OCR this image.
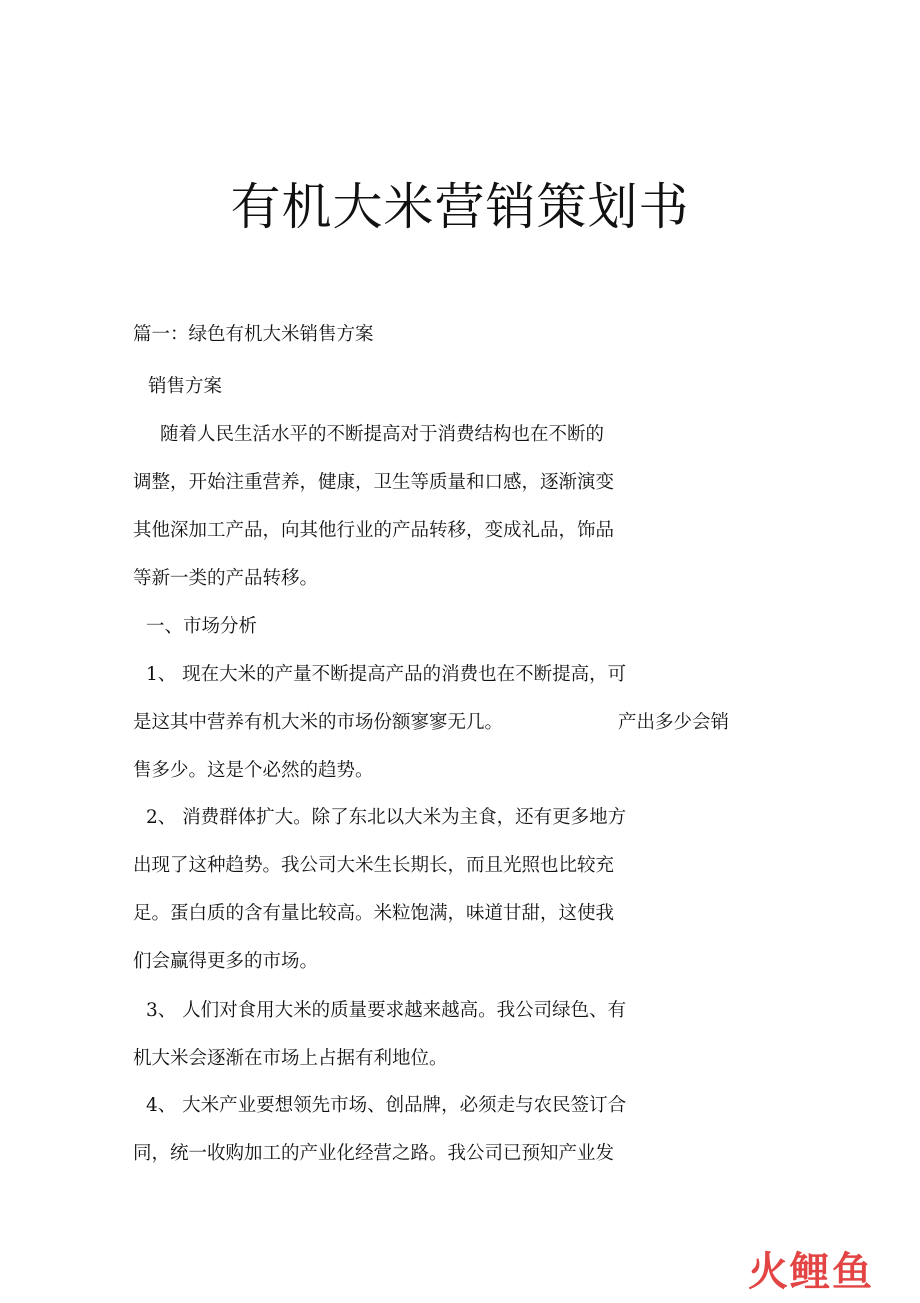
有机大米营销策划书
篇一：绿色有机大米销售方案
销售方案
随着人民生活水平的不断提高对于消费结构也在不断的
调整，开始注重营养，健康，卫生等质量和口感，逐渐演变
其他深加工产品，向其他行业的产品转移，变成礼品，饰品
等新一类的产品转移。
一、市场分析
1、 现在大米的产量不断提高产品的消费也在不断提高，可
是这其中营养有机大米的市场份额寥寥无几。	产出多少会销
售多少。这是个必然的趋势。
2、 消费群体扩大。除了东北以大米为主食，还有更多地方
出现了这种趋势。我公司大米生长期长，而且光照也比较充
足。蛋白质的含有量比较高。米粒饱满，味道甘甜，这使我
们会赢得更多的市场。
3、 人们对食用大米的质量要求越来越高。我公司绿色、有
机大米会逐渐在市场上占据有利地位。
4、 大米产业要想领先市场、创品牌，必须走与农民签订合
同，统一收购加工的产业化经营之路。我公司已预知产业发
火鲤鱼
